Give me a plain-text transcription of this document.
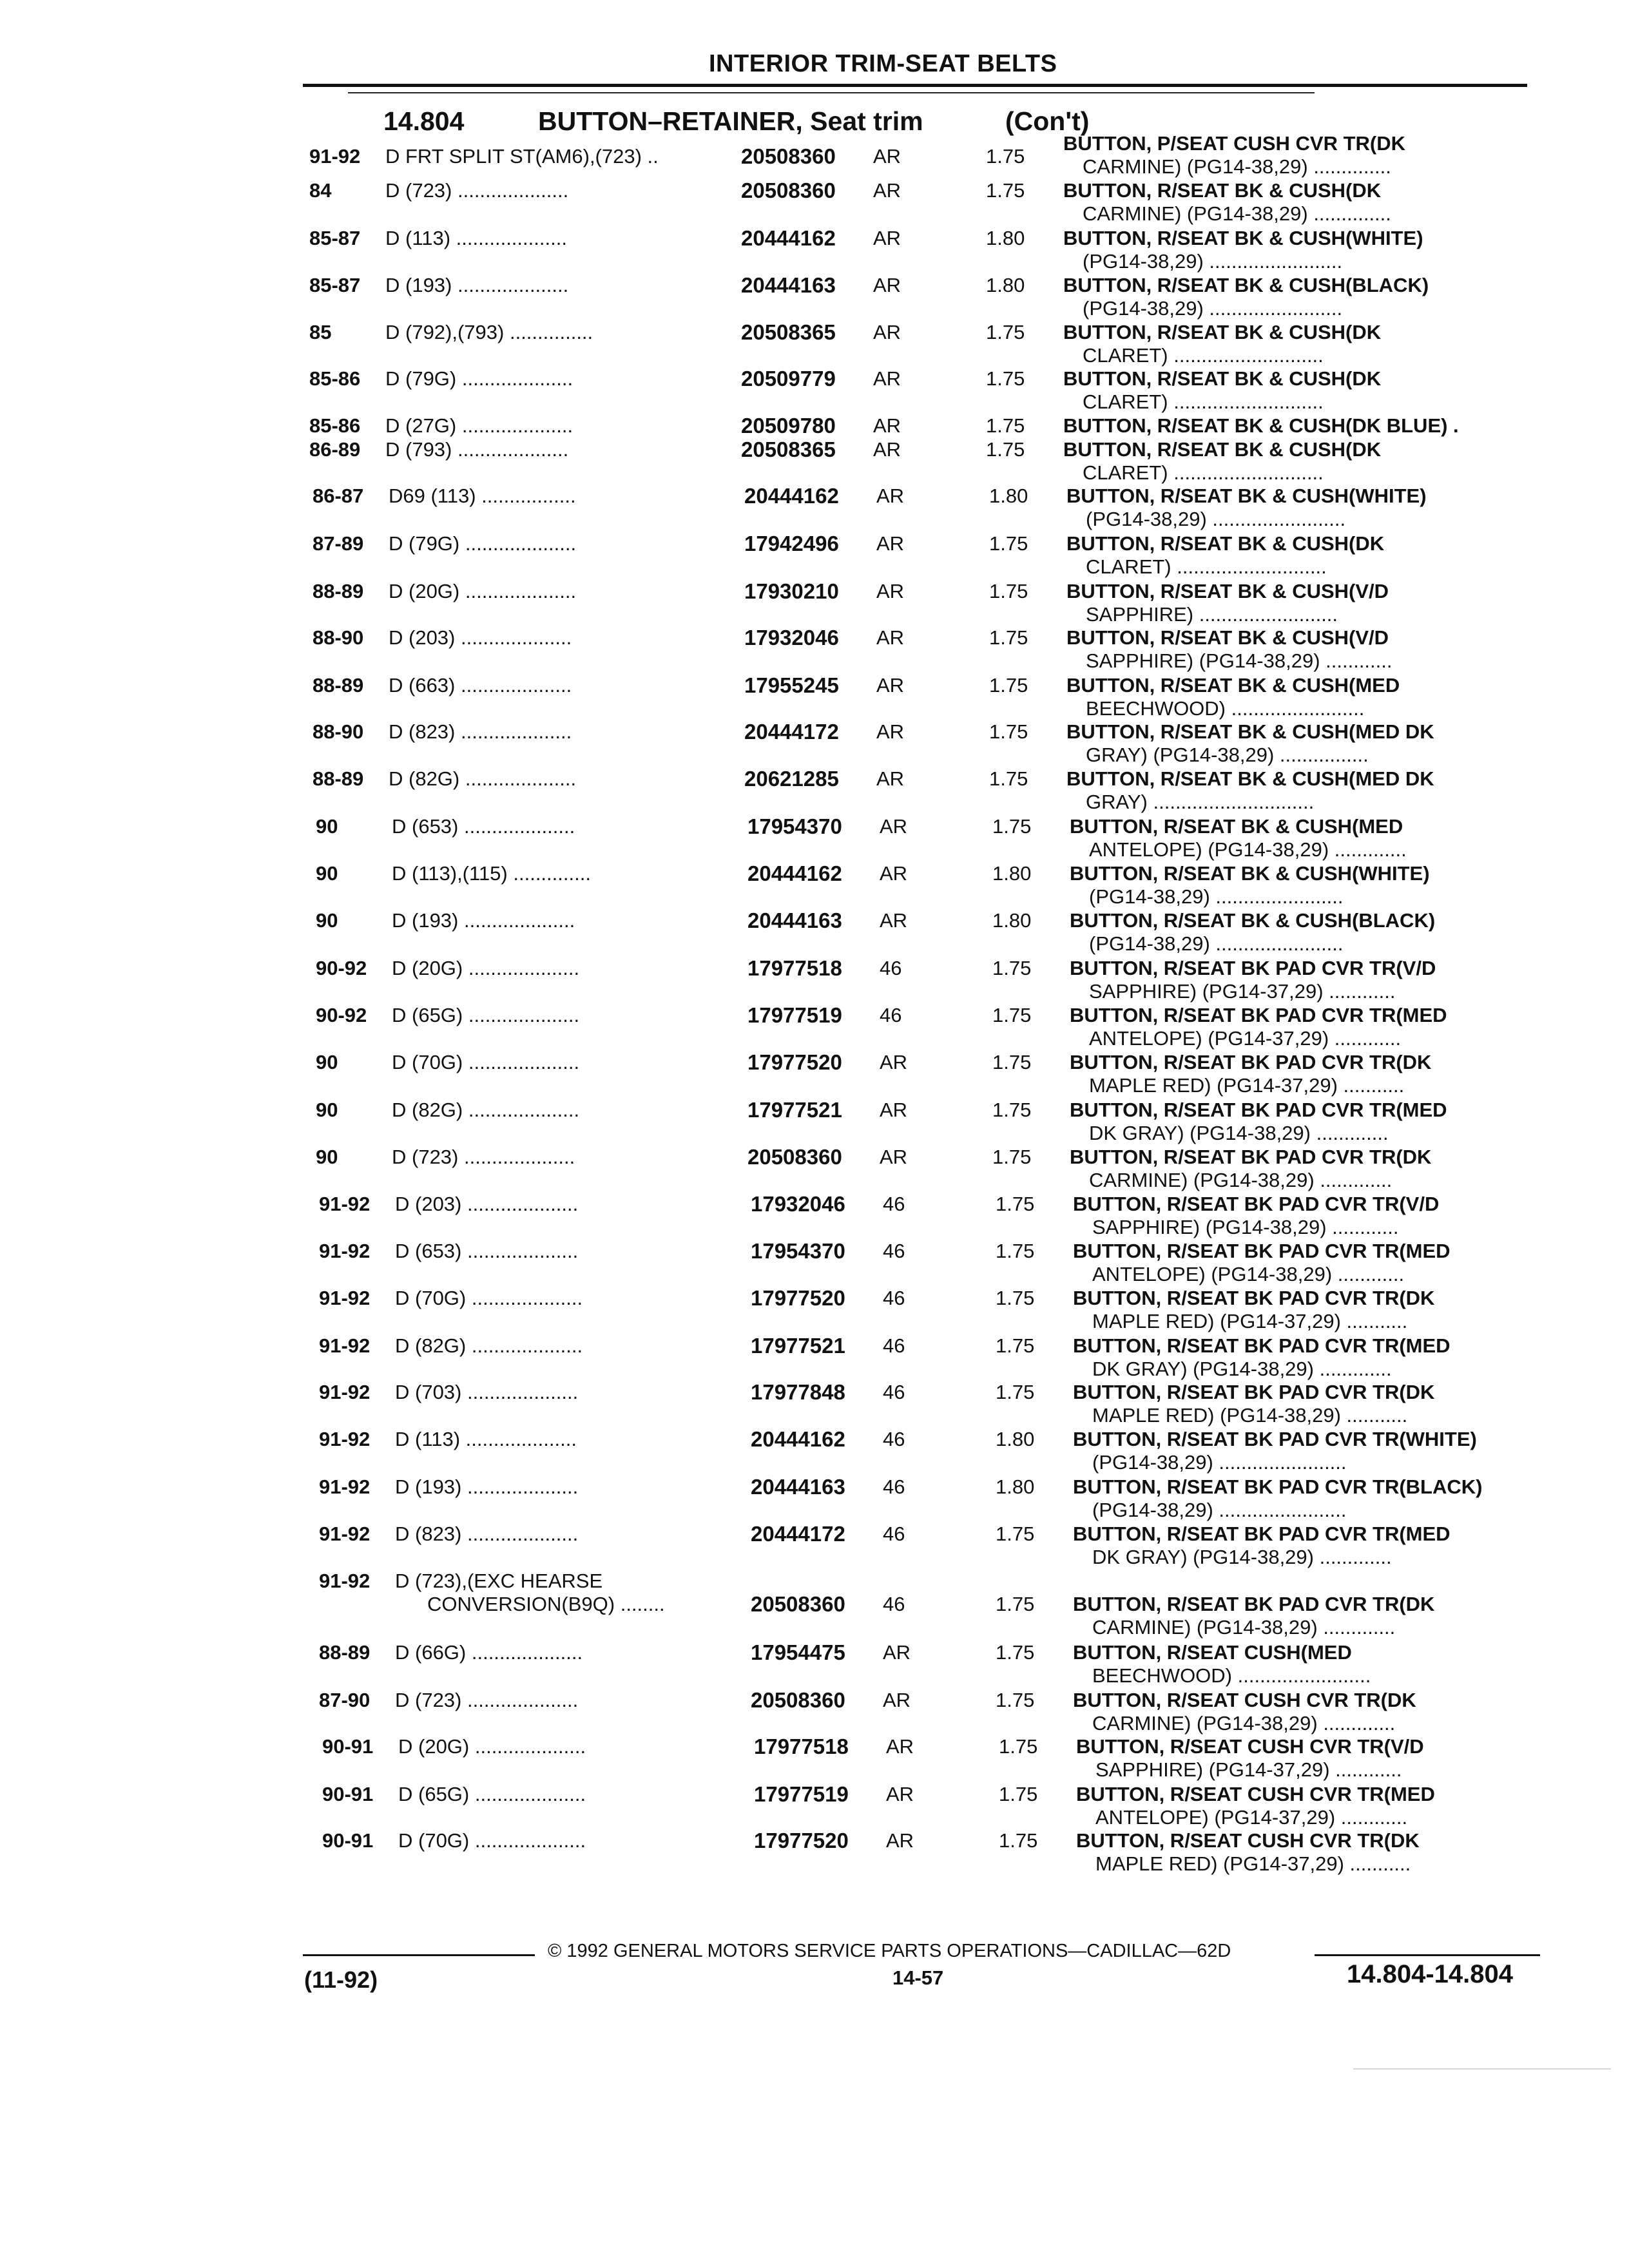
INTERIOR TRIM-SEAT BELTS
14.804	BUTTON–RETAINER, Seat trim	(Con't)
91-92 D FRT SPLIT ST(AM6),(723) ..	20508360 AR	1.75
BUTTON, P/SEAT CUSH CVR TR(DK
CARMINE) (PG14-38,29) ..............
84	D (723) ....................	20508360 AR	1.75 BUTTON, R/SEAT BK & CUSH(DK
CARMINE) (PG14-38,29) ..............
85-87 D (113) ....................	20444162 AR	1.80 BUTTON, R/SEAT BK & CUSH(WHITE)
(PG14-38,29) ........................
85-87 D (193) ....................	20444163 AR	1.80 BUTTON, R/SEAT BK & CUSH(BLACK)
(PG14-38,29) ........................
85	D (792),(793) ...............	20508365 AR	1.75 BUTTON, R/SEAT BK & CUSH(DK
CLARET) ...........................
85-86 D (79G) ....................	20509779 AR	1.75 BUTTON, R/SEAT BK & CUSH(DK
CLARET) ...........................
85-86 D (27G) ....................	20509780 AR	1.75 BUTTON, R/SEAT BK & CUSH(DK BLUE) .
86-89 D (793) ....................	20508365 AR	1.75 BUTTON, R/SEAT BK & CUSH(DK
CLARET) ...........................
86-87 D69 (113) .................	20444162 AR	1.80 BUTTON, R/SEAT BK & CUSH(WHITE)
(PG14-38,29) ........................
87-89 D (79G) ....................	17942496 AR	1.75 BUTTON, R/SEAT BK & CUSH(DK
CLARET) ...........................
88-89 D (20G) ....................	17930210 AR	1.75 BUTTON, R/SEAT BK & CUSH(V/D
SAPPHIRE) .........................
88-90 D (203) ....................	17932046 AR	1.75 BUTTON, R/SEAT BK & CUSH(V/D
SAPPHIRE) (PG14-38,29) ............
88-89 D (663) ....................	17955245 AR	1.75 BUTTON, R/SEAT BK & CUSH(MED
BEECHWOOD) ........................
88-90 D (823) ....................	20444172 AR	1.75 BUTTON, R/SEAT BK & CUSH(MED DK
GRAY) (PG14-38,29) ................
88-89 D (82G) ....................	20621285 AR	1.75 BUTTON, R/SEAT BK & CUSH(MED DK
GRAY) .............................
90	D (653) ....................	17954370 AR	1.75 BUTTON, R/SEAT BK & CUSH(MED
ANTELOPE) (PG14-38,29) .............
90	D (113),(115) ..............	20444162 AR	1.80 BUTTON, R/SEAT BK & CUSH(WHITE)
(PG14-38,29) .......................
90	D (193) ....................	20444163 AR	1.80 BUTTON, R/SEAT BK & CUSH(BLACK)
(PG14-38,29) .......................
90-92 D (20G) ....................	17977518 46	1.75 BUTTON, R/SEAT BK PAD CVR TR(V/D
SAPPHIRE) (PG14-37,29) ............
90-92 D (65G) ....................	17977519 46	1.75 BUTTON, R/SEAT BK PAD CVR TR(MED
ANTELOPE) (PG14-37,29) ............
90	D (70G) ....................	17977520 AR	1.75 BUTTON, R/SEAT BK PAD CVR TR(DK
MAPLE RED) (PG14-37,29) ...........
90	D (82G) ....................	17977521 AR	1.75 BUTTON, R/SEAT BK PAD CVR TR(MED
DK GRAY) (PG14-38,29) .............
90	D (723) ....................	20508360 AR	1.75 BUTTON, R/SEAT BK PAD CVR TR(DK
CARMINE) (PG14-38,29) .............
91-92 D (203) ....................	17932046 46	1.75 BUTTON, R/SEAT BK PAD CVR TR(V/D
SAPPHIRE) (PG14-38,29) ............
91-92 D (653) ....................	17954370 46	1.75 BUTTON, R/SEAT BK PAD CVR TR(MED
ANTELOPE) (PG14-38,29) ............
91-92 D (70G) ....................	17977520 46	1.75 BUTTON, R/SEAT BK PAD CVR TR(DK
MAPLE RED) (PG14-37,29) ...........
91-92 D (82G) ....................	17977521 46	1.75 BUTTON, R/SEAT BK PAD CVR TR(MED
DK GRAY) (PG14-38,29) .............
91-92 D (703) ....................	17977848 46	1.75 BUTTON, R/SEAT BK PAD CVR TR(DK
MAPLE RED) (PG14-38,29) ...........
91-92 D (113) ....................	20444162 46	1.80 BUTTON, R/SEAT BK PAD CVR TR(WHITE)
(PG14-38,29) .......................
91-92 D (193) ....................	20444163 46	1.80 BUTTON, R/SEAT BK PAD CVR TR(BLACK)
(PG14-38,29) .......................
91-92 D (823) ....................	20444172 46	1.75 BUTTON, R/SEAT BK PAD CVR TR(MED
DK GRAY) (PG14-38,29) .............
91-92 D (723),(EXC HEARSE
CONVERSION(B9Q) ........	20508360 46	1.75 BUTTON, R/SEAT BK PAD CVR TR(DK
CARMINE) (PG14-38,29) .............
88-89 D (66G) ....................	17954475 AR	1.75 BUTTON, R/SEAT CUSH(MED
BEECHWOOD) ........................
87-90 D (723) ....................	20508360 AR	1.75 BUTTON, R/SEAT CUSH CVR TR(DK
CARMINE) (PG14-38,29) .............
90-91 D (20G) ....................	17977518 AR	1.75 BUTTON, R/SEAT CUSH CVR TR(V/D
SAPPHIRE) (PG14-37,29) ............
90-91 D (65G) ....................	17977519 AR	1.75 BUTTON, R/SEAT CUSH CVR TR(MED
ANTELOPE) (PG14-37,29) ............
90-91 D (70G) ....................	17977520 AR	1.75 BUTTON, R/SEAT CUSH CVR TR(DK
MAPLE RED) (PG14-37,29) ...........
© 1992 GENERAL MOTORS SERVICE PARTS OPERATIONS—CADILLAC—62D
(11-92)	14-57	14.804-14.804
